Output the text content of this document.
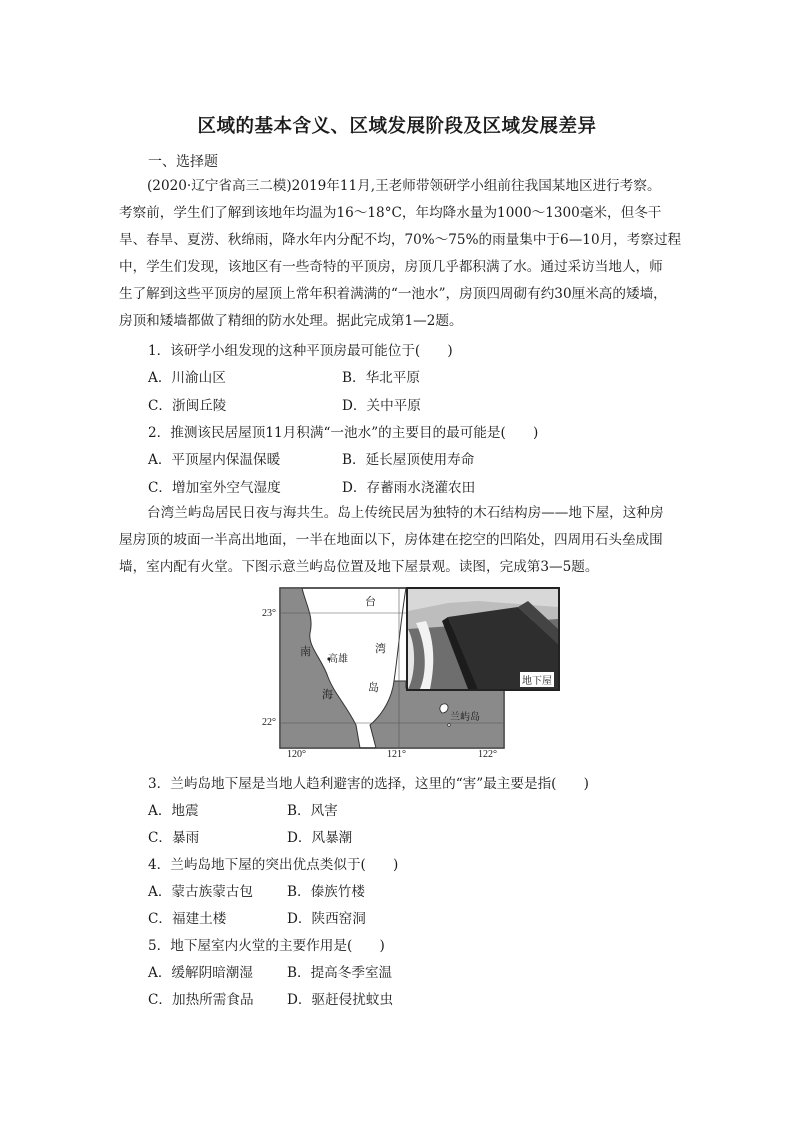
区域的基本含义、区域发展阶段及区域发展差异
一、选择题
(2020·辽宁省高三二模)2019年11月,王老师带领研学小组前往我国某地区进行考察。
考察前，学生们了解到该地年均温为16～18°C，年均降水量为1000～1300毫米，但冬干
旱、春旱、夏涝、秋绵雨，降水年内分配不均，70%～75%的雨量集中于6—10月，考察过程
中，学生们发现，该地区有一些奇特的平顶房，房顶几乎都积满了水。通过采访当地人，师
生了解到这些平顶房的屋顶上常年积着满满的“一池水”，房顶四周砌有约30厘米高的矮墙，
房顶和矮墙都做了精细的防水处理。据此完成第1—2题。
1．该研学小组发现的这种平顶房最可能位于(　　)
A．川渝山区	B．华北平原
C．浙闽丘陵	D．关中平原
2．推测该民居屋顶11月积满“一池水”的主要目的最可能是(　　)
A．平顶屋内保温保暖	B．延长屋顶使用寿命
C．增加室外空气湿度	D．存蓄雨水浇灌农田
台湾兰屿岛居民日夜与海共生。岛上传统民居为独特的木石结构房——地下屋，这种房
屋房顶的坡面一半高出地面，一半在地面以下，房体建在挖空的凹陷处，四周用石头垒成围
墙，室内配有火堂。下图示意兰屿岛位置及地下屋景观。读图，完成第3—5题。
23°
22°
120°	121°	122°
台
湾
岛
南
海
高雄
兰屿岛
地下屋
3．兰屿岛地下屋是当地人趋利避害的选择，这里的“害”最主要是指(　　)
A．地震	B．风害
C．暴雨	D．风暴潮
4．兰屿岛地下屋的突出优点类似于(　　)
A．蒙古族蒙古包	B．傣族竹楼
C．福建土楼	D．陕西窑洞
5．地下屋室内火堂的主要作用是(　　)
A．缓解阴暗潮湿	B．提高冬季室温
C．加热所需食品 D．驱赶侵扰蚊虫
